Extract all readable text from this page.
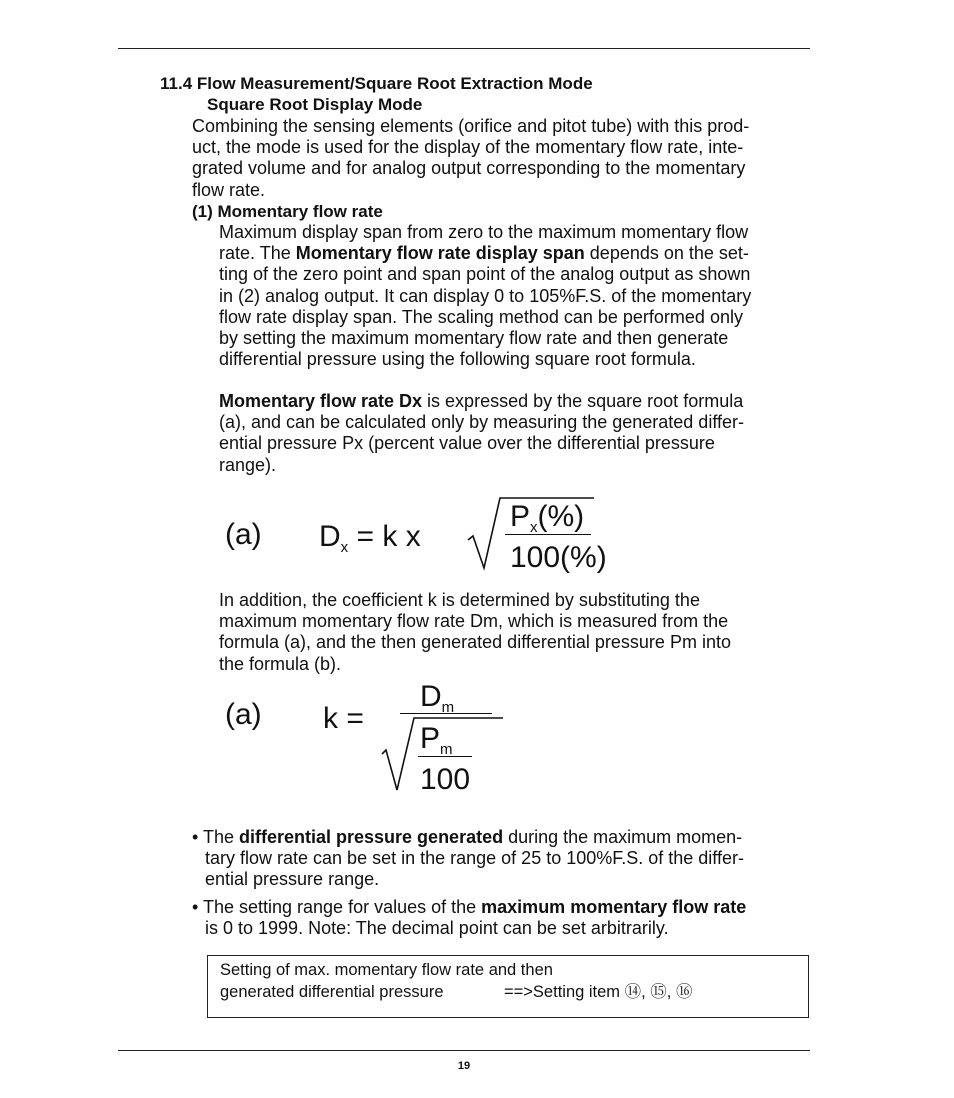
11.4 Flow Measurement/Square Root Extraction Mode
Square Root Display Mode
Combining the sensing elements (orifice and pitot tube) with this prod-
uct, the mode is used for the display of the momentary flow rate, inte-
grated volume and for analog output corresponding to the momentary
flow rate.
(1) Momentary flow rate
Maximum display span from zero to the maximum momentary flow
rate. The Momentary flow rate display span depends on the set-
ting of the zero point and span point of the analog output as shown
in (2) analog output. It can display 0 to 105%F.S. of the momentary
flow rate display span. The scaling method can be performed only
by setting the maximum momentary flow rate and then generate
differential pressure using the following square root formula.
Momentary flow rate Dx is expressed by the square root formula
(a), and can be calculated only by measuring the generated differ-
ential pressure Px (percent value over the differential pressure
range).
(a) $D_x = k$ x
$P_x(\%)$
100(%)
In addition, the coefficient k is determined by substituting the
maximum momentary flow rate Dm, which is measured from the
formula (a), and the then generated differential pressure Pm into
the formula (b).
(a) k =
$D_m$
$P_m$
100
• The differential pressure generated during the maximum momen-
tary flow rate can be set in the range of 25 to 100%F.S. of the differ-
ential pressure range.
• The setting range for values of the maximum momentary flow rate
is 0 to 1999. Note: The decimal point can be set arbitrarily.
Setting of max. momentary flow rate and then
generated differential pressure	==>Setting item ⑭, ⑮, ⑯
19
